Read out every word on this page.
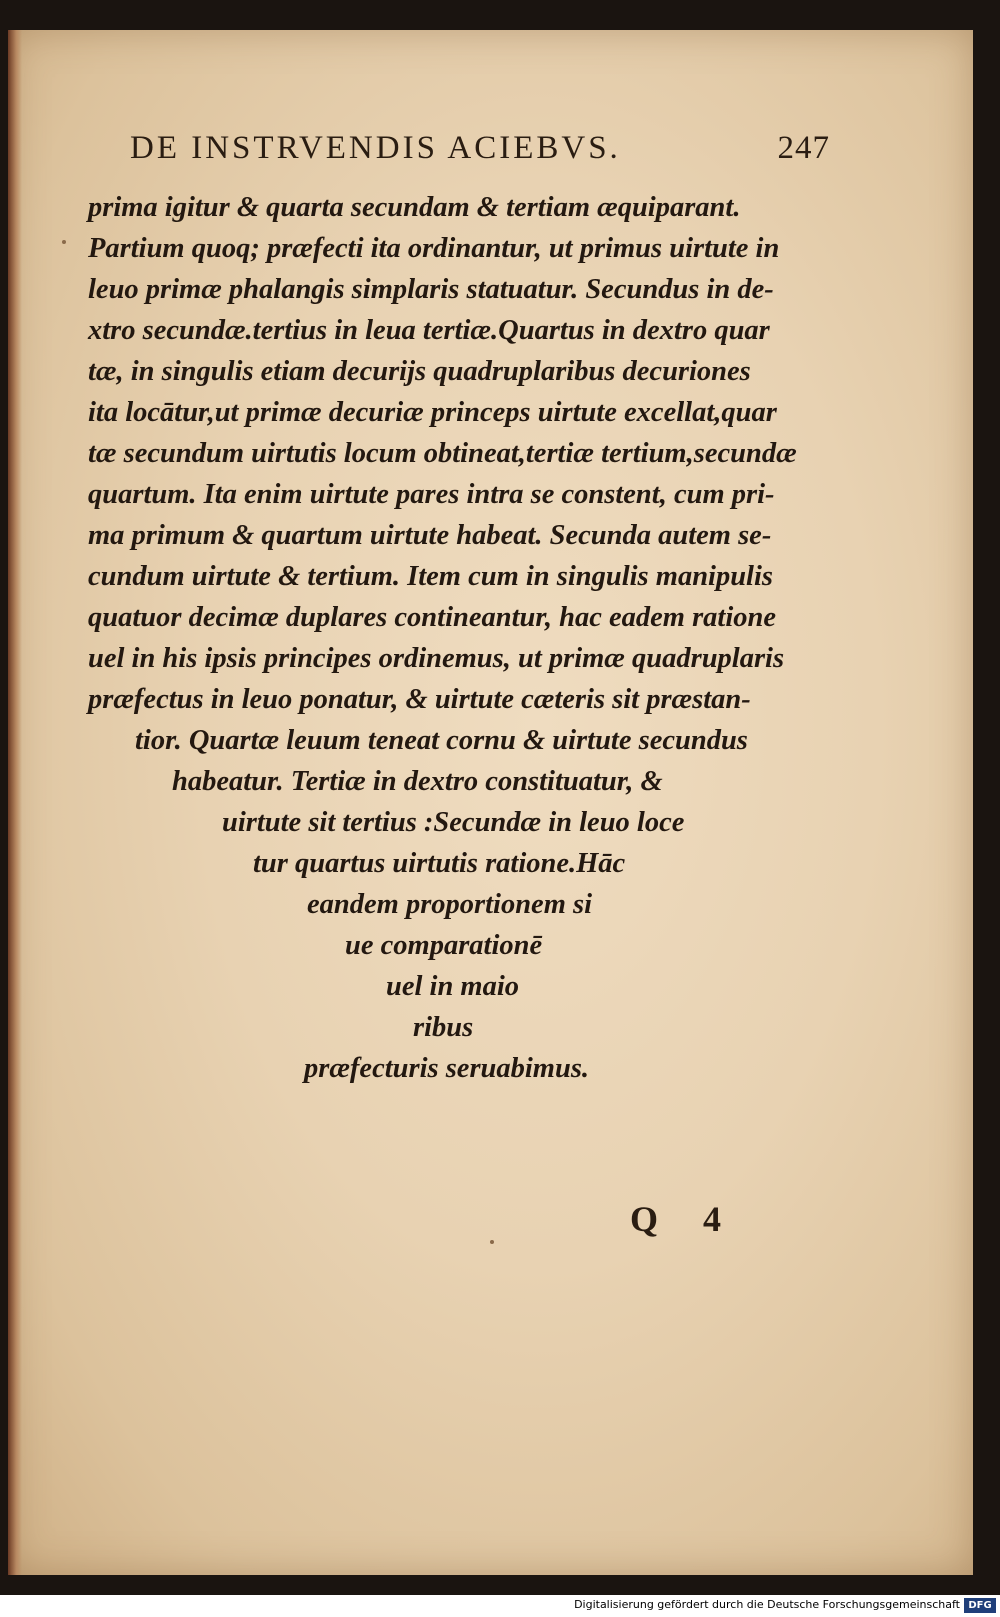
DE INSTRVENDIS ACIEBVS.	247
prima igitur & quarta secundam & tertiam æquiparant.
Partium quoq; præfecti ita ordinantur, ut primus uirtute in
leuo primæ phalangis simplaris statuatur. Secundus in de-
xtro secundæ.tertius in leua tertiæ.Quartus in dextro quar
tæ, in singulis etiam decurijs quadruplaribus decuriones
ita locātur,ut primæ decuriæ princeps uirtute excellat,quar
tæ secundum uirtutis locum obtineat,tertiæ tertium,secundæ
quartum. Ita enim uirtute pares intra se constent, cum pri-
ma primum & quartum uirtute habeat. Secunda autem se-
cundum uirtute & tertium. Item cum in singulis manipulis
quatuor decimæ duplares contineantur, hac eadem ratione
uel in his ipsis principes ordinemus, ut primæ quadruplaris
præfectus in leuo ponatur, & uirtute cæteris sit præstan-
tior. Quartæ leuum teneat cornu & uirtute secundus
habeatur. Tertiæ in dextro constituatur, &
uirtute sit tertius :Secundæ in leuo loce
tur quartus uirtutis ratione.Hāc
eandem proportionem si
ue comparationē
uel in maio
ribus
præfecturis seruabimus.
Q 4
Digitalisierung gefördert durch die Deutsche Forschungsgemeinschaft DFG
